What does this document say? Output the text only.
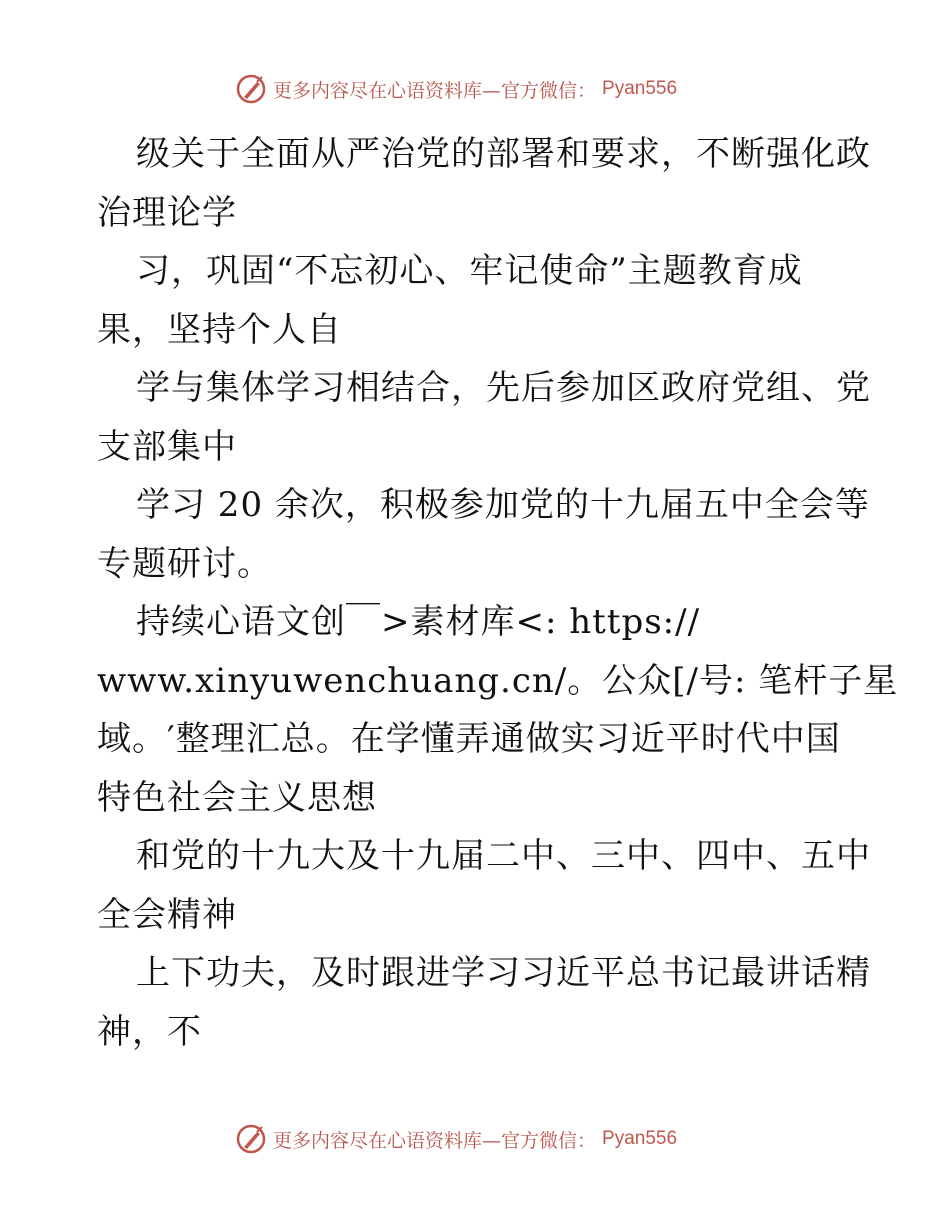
更多内容尽在心语资料库—官方微信： Pyan556
级关于全面从严治党的部署和要求，不断强化政
治理论学
习，巩固“不忘初心、牢记使命”主题教育成
果，坚持个人自
学与集体学习相结合，先后参加区政府党组、党
支部集中
学习 20 余次，积极参加党的十九届五中全会等
专题研讨。
持续心语文创￣>素材库<: https://
www.xinyuwenchuang.cn/。公众[/号: 笔杆子星
域。′整理汇总。在学懂弄通做实习近平时代中国
特色社会主义思想
和党的十九大及十九届二中、三中、四中、五中
全会精神
上下功夫，及时跟进学习习近平总书记最讲话精
神，不
更多内容尽在心语资料库—官方微信： Pyan556
